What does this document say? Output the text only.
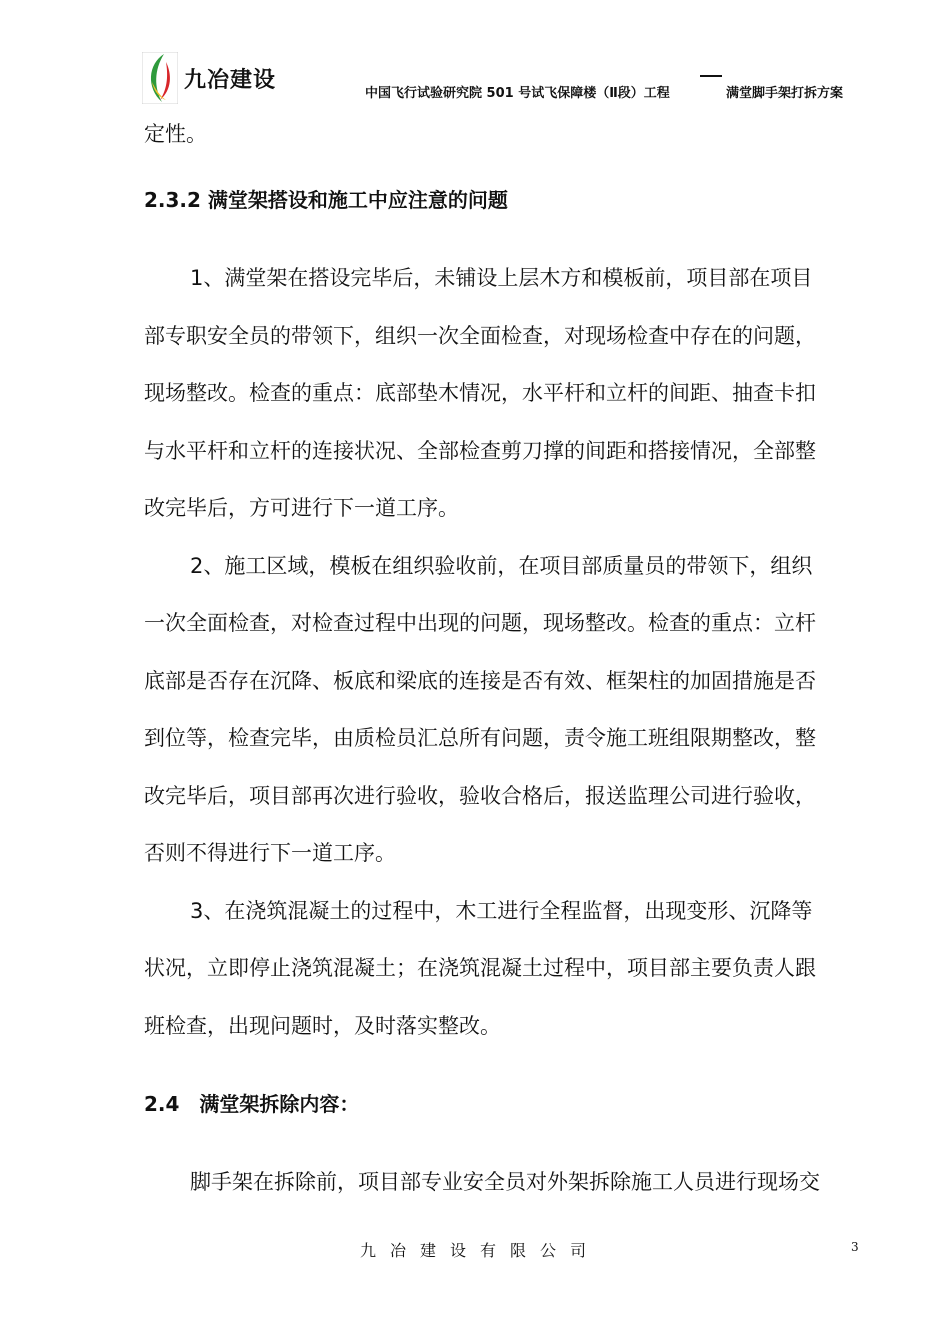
九冶建设
中国飞行试验研究院 501 号试飞保障楼（Ⅱ段）工程	满堂脚手架打拆方案
定性。
2.3.2 满堂架搭设和施工中应注意的问题
1、满堂架在搭设完毕后，未铺设上层木方和模板前，项目部在项目
部专职安全员的带领下，组织一次全面检查，对现场检查中存在的问题，
现场整改。检查的重点：底部垫木情况，水平杆和立杆的间距、抽查卡扣
与水平杆和立杆的连接状况、全部检查剪刀撑的间距和搭接情况，全部整
改完毕后，方可进行下一道工序。
2、施工区域，模板在组织验收前，在项目部质量员的带领下，组织
一次全面检查，对检查过程中出现的问题，现场整改。检查的重点：立杆
底部是否存在沉降、板底和梁底的连接是否有效、框架柱的加固措施是否
到位等，检查完毕，由质检员汇总所有问题，责令施工班组限期整改，整
改完毕后，项目部再次进行验收，验收合格后，报送监理公司进行验收，
否则不得进行下一道工序。
3、在浇筑混凝土的过程中，木工进行全程监督，出现变形、沉降等
状况，立即停止浇筑混凝土；在浇筑混凝土过程中，项目部主要负责人跟
班检查，出现问题时，及时落实整改。
2.4　满堂架拆除内容：
脚手架在拆除前，项目部专业安全员对外架拆除施工人员进行现场交
九冶建设有限公司	3
